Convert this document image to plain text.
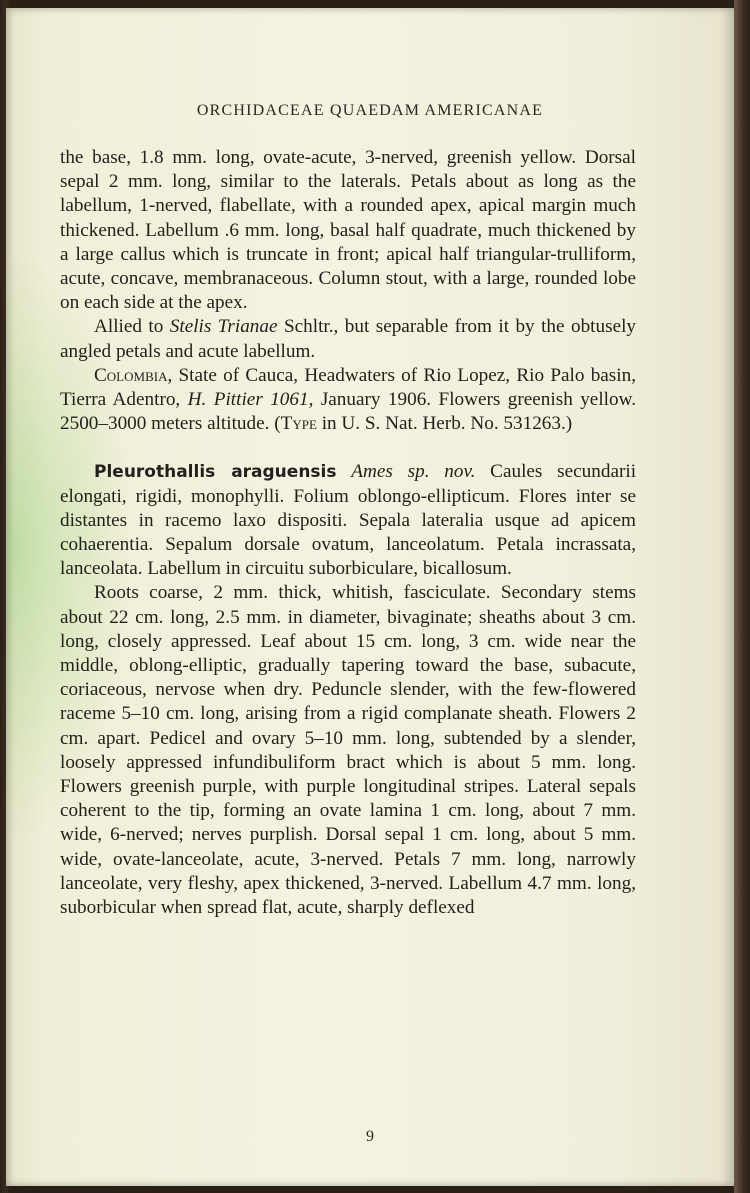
ORCHIDACEAE QUAEDAM AMERICANAE

the base, 1.8 mm. long, ovate-acute, 3-nerved, greenish yellow. Dorsal sepal 2 mm. long, similar to the laterals. Petals about as long as the labellum, 1-nerved, flabellate, with a rounded apex, apical margin much thickened. Labellum .6 mm. long, basal half quadrate, much thickened by a large callus which is truncate in front; apical half triangular-trulliform, acute, concave, membranaceous. Column stout, with a large, rounded lobe on each side at the apex.

Allied to Stelis Trianae Schltr., but separable from it by the obtusely angled petals and acute labellum.

Colombia, State of Cauca, Headwaters of Rio Lopez, Rio Palo basin, Tierra Adentro, H. Pittier 1061, January 1906. Flowers greenish yellow. 2500–3000 meters altitude. (Type in U. S. Nat. Herb. No. 531263.)

Pleurothallis araguensis Ames sp. nov. Caules secundarii elongati, rigidi, monophylli. Folium oblongo-ellipticum. Flores inter se distantes in racemo laxo dispositi. Sepala lateralia usque ad apicem cohaerentia. Sepalum dorsale ovatum, lanceolatum. Petala incrassata, lanceolata. Labellum in circuitu suborbiculare, bicallosum.

Roots coarse, 2 mm. thick, whitish, fasciculate. Secondary stems about 22 cm. long, 2.5 mm. in diameter, bivaginate; sheaths about 3 cm. long, closely appressed. Leaf about 15 cm. long, 3 cm. wide near the middle, oblong-elliptic, gradually tapering toward the base, subacute, coriaceous, nervose when dry. Peduncle slender, with the few-flowered raceme 5–10 cm. long, arising from a rigid complanate sheath. Flowers 2 cm. apart. Pedicel and ovary 5–10 mm. long, subtended by a slender, loosely appressed infundibuliform bract which is about 5 mm. long. Flowers greenish purple, with purple longitudinal stripes. Lateral sepals coherent to the tip, forming an ovate lamina 1 cm. long, about 7 mm. wide, 6-nerved; nerves purplish. Dorsal sepal 1 cm. long, about 5 mm. wide, ovate-lanceolate, acute, 3-nerved. Petals 7 mm. long, narrowly lanceolate, very fleshy, apex thickened, 3-nerved. Labellum 4.7 mm. long, suborbicular when spread flat, acute, sharply deflexed

9
